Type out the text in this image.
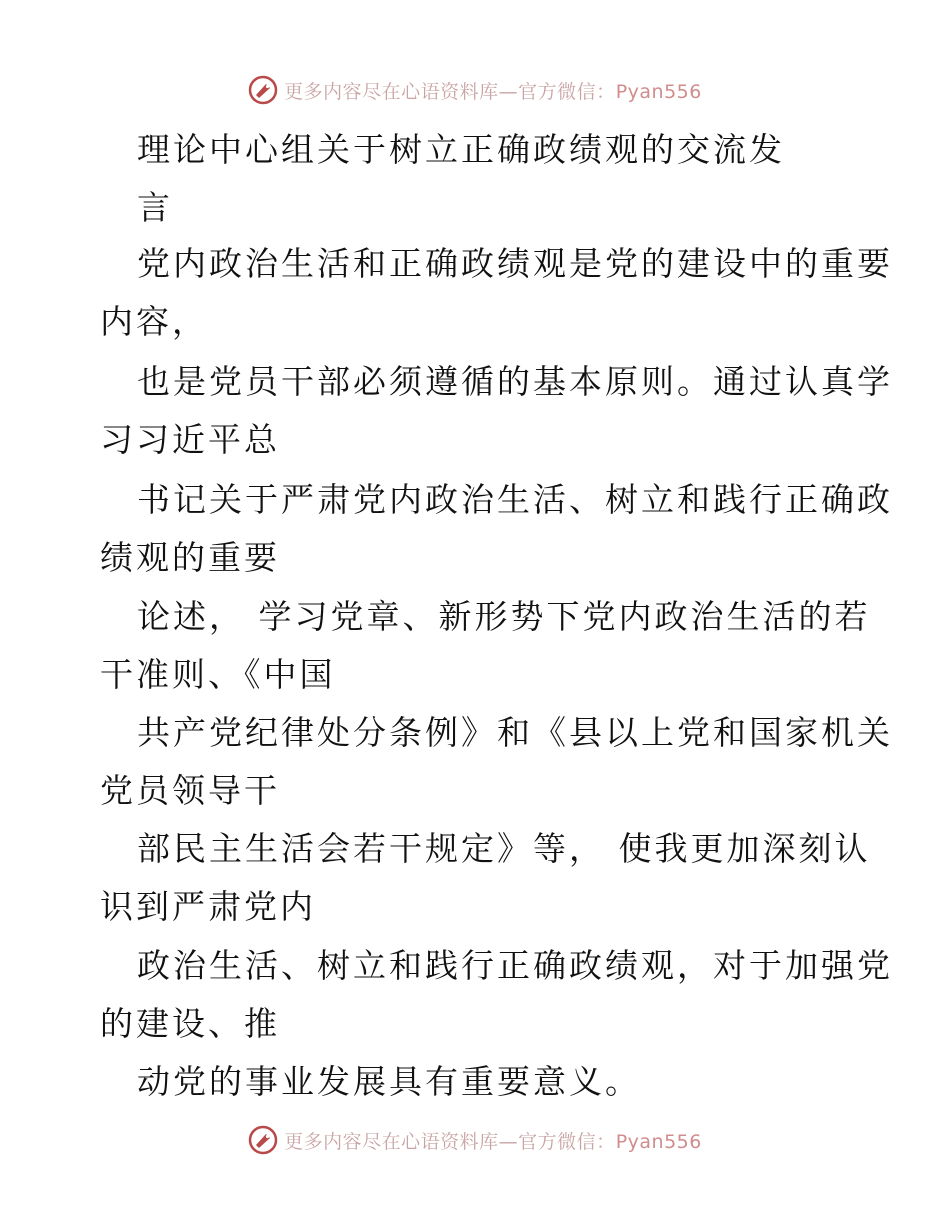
更多内容尽在心语资料库—官方微信：Pyan556
理论中心组关于树立正确政绩观的交流发
言
党内政治生活和正确政绩观是党的建设中的重要
内容，
也是党员干部必须遵循的基本原则。通过认真学
习习近平总
书记关于严肃党内政治生活、树立和践行正确政
绩观的重要
论述， 学习党章、新形势下党内政治生活的若
干准则、《中国
共产党纪律处分条例》和《县以上党和国家机关
党员领导干
部民主生活会若干规定》等， 使我更加深刻认
识到严肃党内
政治生活、树立和践行正确政绩观，对于加强党
的建设、推
动党的事业发展具有重要意义。
更多内容尽在心语资料库—官方微信：Pyan556
